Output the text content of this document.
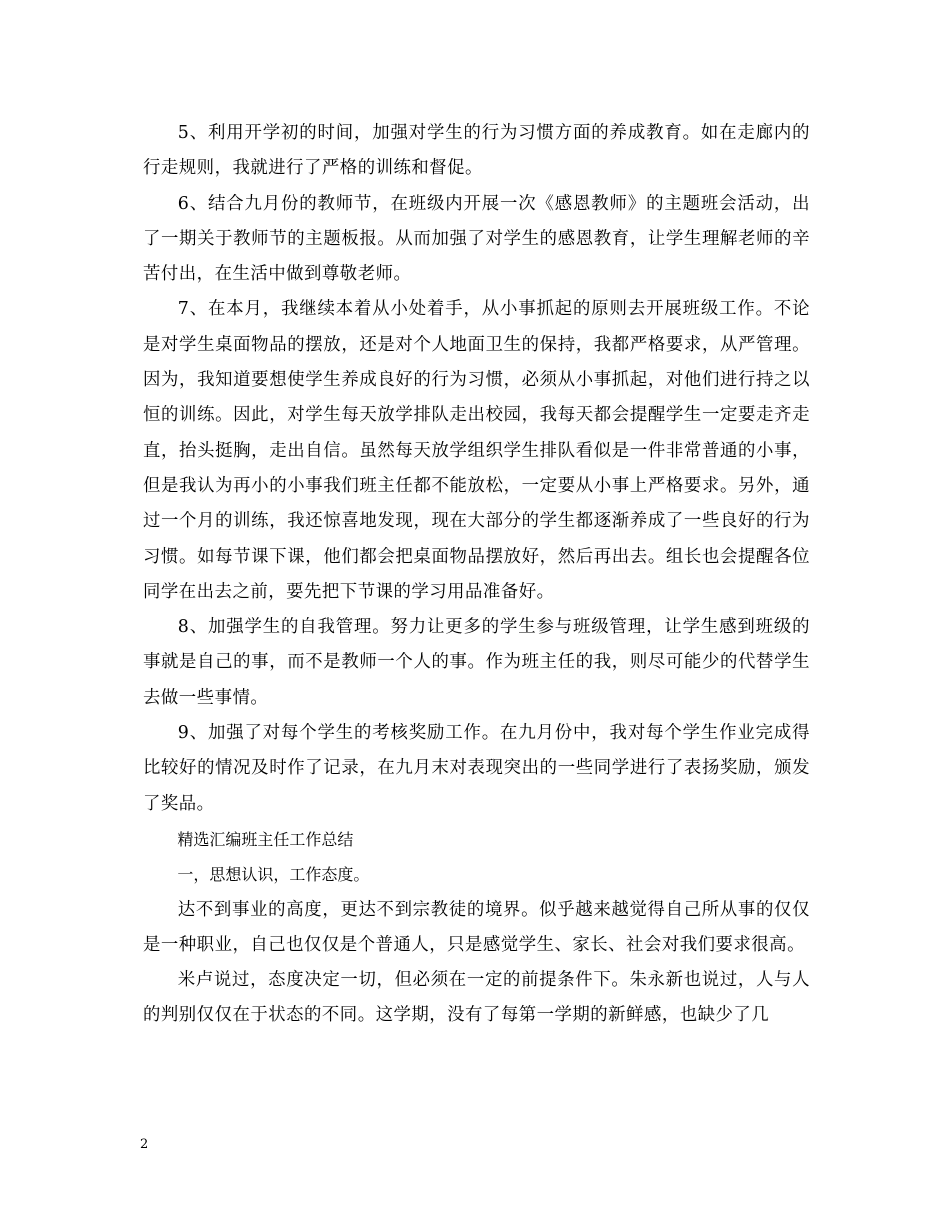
5、利用开学初的时间，加强对学生的行为习惯方面的养成教育。如在走廊内的行走规则，我就进行了严格的训练和督促。

6、结合九月份的教师节，在班级内开展一次《感恩教师》的主题班会活动，出了一期关于教师节的主题板报。从而加强了对学生的感恩教育，让学生理解老师的辛苦付出，在生活中做到尊敬老师。

7、在本月，我继续本着从小处着手，从小事抓起的原则去开展班级工作。不论是对学生桌面物品的摆放，还是对个人地面卫生的保持，我都严格要求，从严管理。因为，我知道要想使学生养成良好的行为习惯，必须从小事抓起，对他们进行持之以恒的训练。因此，对学生每天放学排队走出校园，我每天都会提醒学生一定要走齐走直，抬头挺胸，走出自信。虽然每天放学组织学生排队看似是一件非常普通的小事，但是我认为再小的小事我们班主任都不能放松，一定要从小事上严格要求。另外，通过一个月的训练，我还惊喜地发现，现在大部分的学生都逐渐养成了一些良好的行为习惯。如每节课下课，他们都会把桌面物品摆放好，然后再出去。组长也会提醒各位同学在出去之前，要先把下节课的学习用品准备好。

8、加强学生的自我管理。努力让更多的学生参与班级管理，让学生感到班级的事就是自己的事，而不是教师一个人的事。作为班主任的我，则尽可能少的代替学生去做一些事情。

9、加强了对每个学生的考核奖励工作。在九月份中，我对每个学生作业完成得比较好的情况及时作了记录，在九月末对表现突出的一些同学进行了表扬奖励，颁发了奖品。

精选汇编班主任工作总结

一，思想认识，工作态度。

达不到事业的高度，更达不到宗教徒的境界。似乎越来越觉得自己所从事的仅仅是一种职业，自己也仅仅是个普通人，只是感觉学生、家长、社会对我们要求很高。

米卢说过，态度决定一切，但必须在一定的前提条件下。朱永新也说过，人与人的判别仅仅在于状态的不同。这学期，没有了每第一学期的新鲜感，也缺少了几

2
